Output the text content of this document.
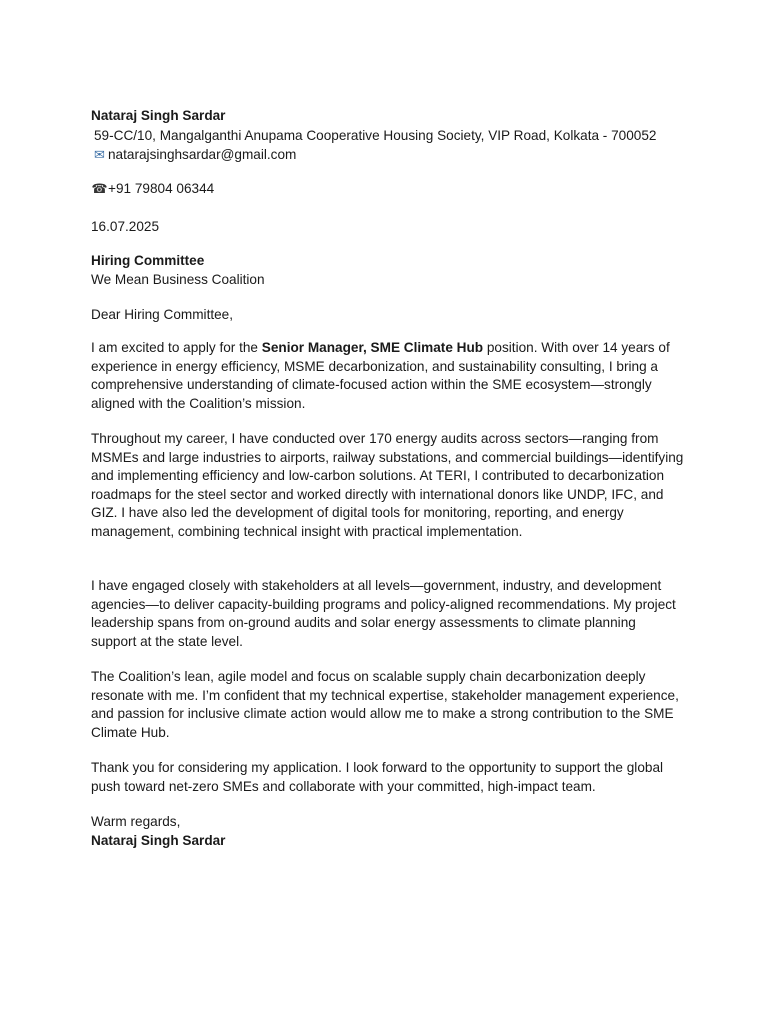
Nataraj Singh Sardar
59-CC/10, Mangalganthi Anupama Cooperative Housing Society, VIP Road, Kolkata - 700052
✉ natarajsinghsardar@gmail.com
☎+91 79804 06344
16.07.2025
Hiring Committee
We Mean Business Coalition
Dear Hiring Committee,

I am excited to apply for the Senior Manager, SME Climate Hub position. With over 14 years of experience in energy efficiency, MSME decarbonization, and sustainability consulting, I bring a comprehensive understanding of climate-focused action within the SME ecosystem—strongly aligned with the Coalition’s mission.

Throughout my career, I have conducted over 170 energy audits across sectors—ranging from MSMEs and large industries to airports, railway substations, and commercial buildings—identifying and implementing efficiency and low-carbon solutions. At TERI, I contributed to decarbonization roadmaps for the steel sector and worked directly with international donors like UNDP, IFC, and GIZ. I have also led the development of digital tools for monitoring, reporting, and energy management, combining technical insight with practical implementation.

I have engaged closely with stakeholders at all levels—government, industry, and development agencies—to deliver capacity-building programs and policy-aligned recommendations. My project leadership spans from on-ground audits and solar energy assessments to climate planning support at the state level.

The Coalition’s lean, agile model and focus on scalable supply chain decarbonization deeply resonate with me. I’m confident that my technical expertise, stakeholder management experience, and passion for inclusive climate action would allow me to make a strong contribution to the SME Climate Hub.

Thank you for considering my application. I look forward to the opportunity to support the global push toward net-zero SMEs and collaborate with your committed, high-impact team.

Warm regards,
Nataraj Singh Sardar
